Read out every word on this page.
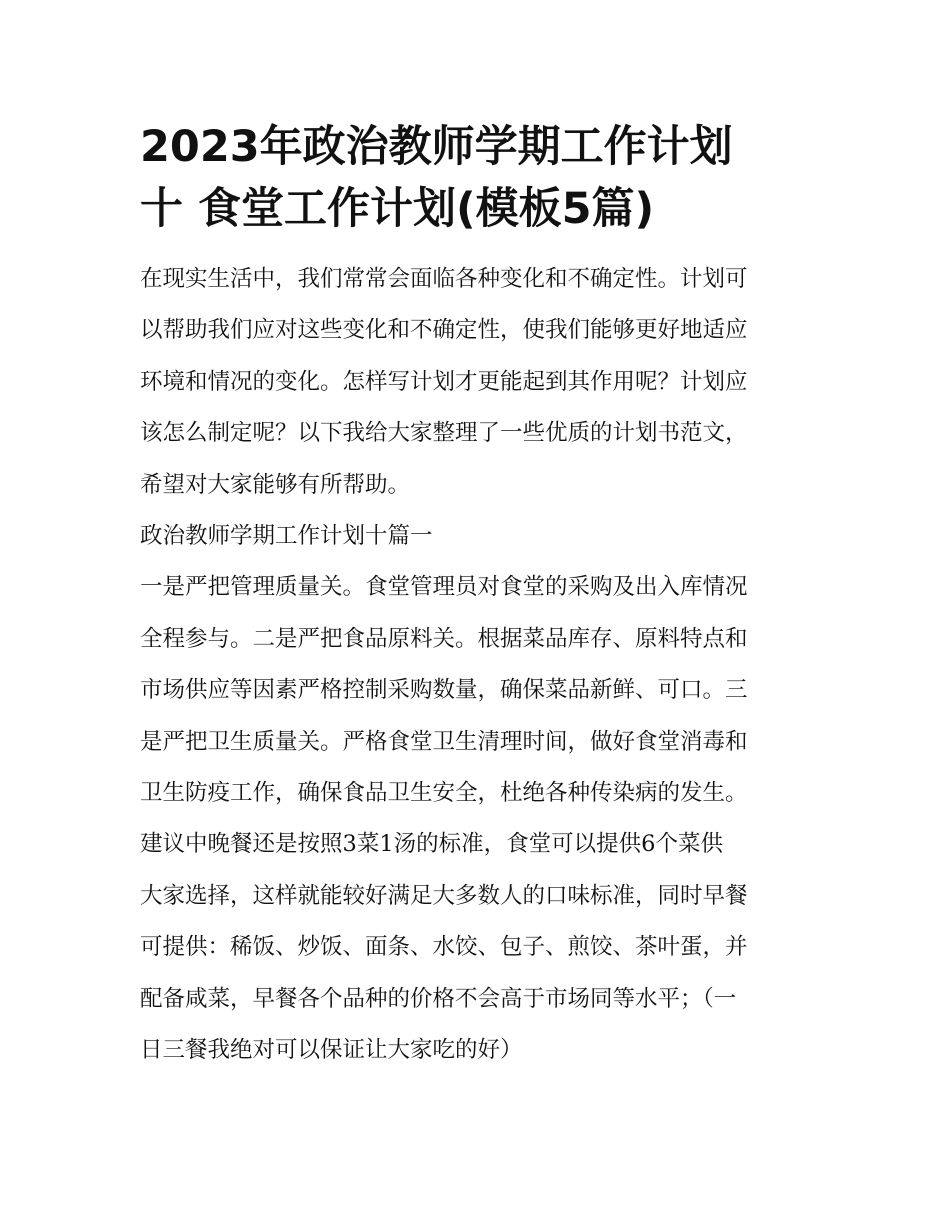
2023年政治教师学期工作计划
十 食堂工作计划(模板5篇)
在现实生活中，我们常常会面临各种变化和不确定性。计划可
以帮助我们应对这些变化和不确定性，使我们能够更好地适应
环境和情况的变化。怎样写计划才更能起到其作用呢？计划应
该怎么制定呢？以下我给大家整理了一些优质的计划书范文，
希望对大家能够有所帮助。
政治教师学期工作计划十篇一
一是严把管理质量关。食堂管理员对食堂的采购及出入库情况
全程参与。二是严把食品原料关。根据菜品库存、原料特点和
市场供应等因素严格控制采购数量，确保菜品新鲜、可口。三
是严把卫生质量关。严格食堂卫生清理时间，做好食堂消毒和
卫生防疫工作，确保食品卫生安全，杜绝各种传染病的发生。
建议中晚餐还是按照3菜1汤的标准，食堂可以提供6个菜供
大家选择，这样就能较好满足大多数人的口味标准，同时早餐
可提供：稀饭、炒饭、面条、水饺、包子、煎饺、茶叶蛋，并
配备咸菜，早餐各个品种的价格不会高于市场同等水平；（一
日三餐我绝对可以保证让大家吃的好）
